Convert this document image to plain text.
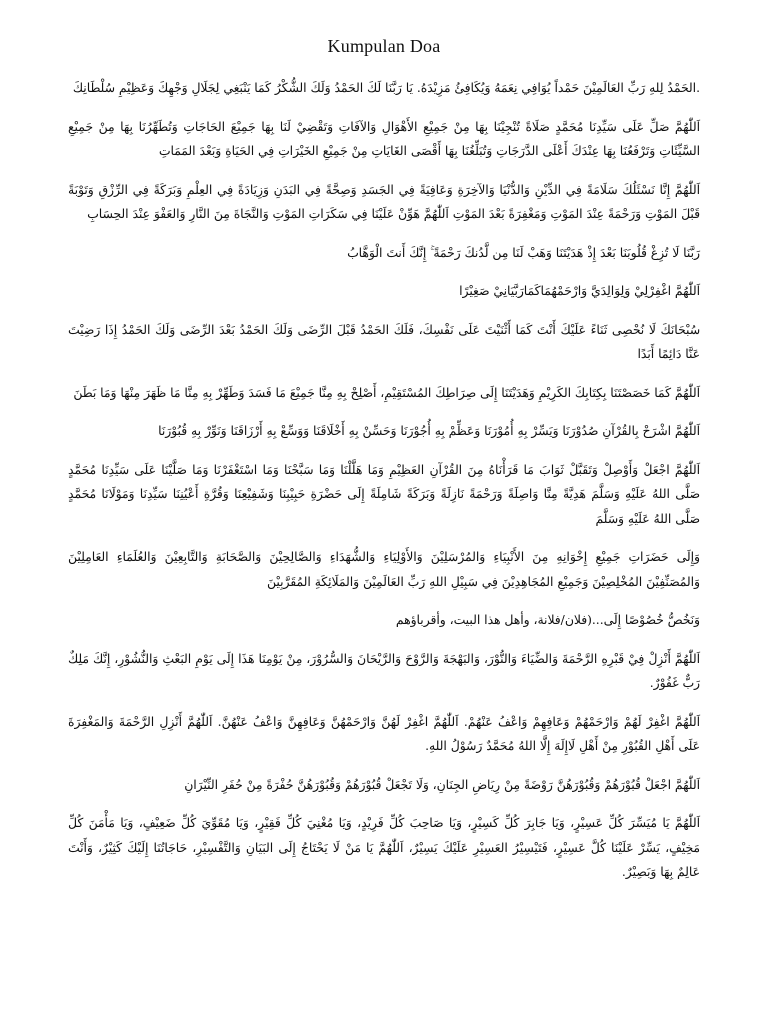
Kumpulan Doa

.الحَمْدُ لِلهِ رَبِّ العَالَمِيْنَ حَمْداً يُوَافِي نِعَمَهُ وَيُكَافِئُ مَزِيْدَهُ. يَا رَبَّنَا لَكَ الحَمْدُ وَلَكَ الشُّكْرُ كَمَا يَنْبَغِي لِجَلَالِ وَجْهِكَ وَعَظِيْمِ سُلْطَانِكَ

اَللّٰهُمَّ صَلِّ عَلَى سَيِّدِنَا مُحَمَّدٍ صَلَاةً تُنْجِيْنَا بِهَا مِنْ جَمِيْعِ الأَهْوَالِ وَالآفَاتِ وَتَقْضِيْ لَنَا بِهَا جَمِيْعَ الحَاجَاتِ وَتُطَهِّرُنَا بِهَا مِنْ جَمِيْعِ السَّيِّئَاتِ وَتَرْفَعُنَا بِهَا عِنْدَكَ أَعْلَى الدَّرَجَاتِ وَتُبَلِّغُنَا بِهَا أَقْصَى الغَايَاتِ مِنْ جَمِيْعِ الخَيْرَاتِ فِي الحَيَاةِ وَبَعْدَ المَمَاتِ

اَللّٰهُمَّ إِنَّا نَسْئَلُكَ سَلَامَةً فِي الدِّيْنِ وَالدُّنْيَا وَالآخِرَةِ وَعَافِيَةً فِي الجَسَدِ وَصِحَّةً فِي البَدَنِ وَزِيَادَةً فِي العِلْمِ وَبَرَكَةً فِي الرِّزْقِ وَتَوْبَةً قَبْلَ المَوْتِ وَرَحْمَةً عِنْدَ المَوْتِ وَمَغْفِرَةً بَعْدَ المَوْتِ اَللّٰهُمَّ هَوِّنْ عَلَيْنَا فِي سَكَرَاتِ المَوْتِ وَالنَّجَاةَ مِنَ النَّارِ وَالعَفْوَ عِنْدَ الحِسَابِ

رَبَّنَا لَا تُزِغْ قُلُوبَنَا بَعْدَ إِذْ هَدَيْتَنَا وَهَبْ لَنَا مِن لَّدُنكَ رَحْمَةً ۚ إِنَّكَ أَنتَ الْوَهَّابُ

اَللّٰهُمَّ اغْفِرْلِيْ وَلِوَالِدَيَّ وَارْحَمْهُمَاكَمَارَبَّيَانِيْ صَغِيْرًا

سُبْحَانَكَ لَا نُحْصِى ثَنَاءً عَلَيْكَ أَنْتَ كَمَا أَثْنَيْتَ عَلَى نَفْسِكَ، فَلَكَ الحَمْدُ قَبْلَ الرِّضَى وَلَكَ الحَمْدُ بَعْدَ الرِّضَى وَلَكَ الحَمْدُ إِذَا رَضِيْتَ عَنَّا دَائِمًا أَبَدًا

اَللّٰهُمَّ كَمَا خَصَصْتَنَا بِكِتَابِكَ الكَرِيْمِ وَهَدَيْتَنَا إِلَى صِرَاطِكَ المُسْتَقِيْمِ، أَصْلِحْ بِهِ مِنَّا جَمِيْعَ مَا فَسَدَ وَطَهِّرْ بِهِ مِنَّا مَا ظَهَرَ مِنْهَا وَمَا بَطَنَ

اَللّٰهُمَّ اشْرَحْ بِالقُرْآنِ صُدُوْرَنَا وَيَسِّرْ بِهِ أُمُوْرَنَا وَعَظِّمْ بِهِ أُجُوْرَنَا وَحَسِّنْ بِهِ أَخْلَاقَنَا وَوَسِّعْ بِهِ أَرْزَاقَنَا وَنَوِّرْ بِهِ قُبُوْرَنَا

اَللّٰهُمَّ اجْعَلْ وَأَوْصِلْ وَتَقَبَّلْ ثَوَابَ مَا قَرَأْنَاهُ مِنَ القُرْآنِ العَظِيْمِ وَمَا هَلَّلْنَا وَمَا سَبَّحْنَا وَمَا اسْتَغْفَرْنَا وَمَا صَلَّيْنَا عَلَى سَيِّدِنَا مُحَمَّدٍ صَلَّى اللهُ عَلَيْهِ وَسَلَّمَ هَدِيَّةً مِنَّا وَاصِلَةً وَرَحْمَةً نَازِلَةً وَبَرَكَةً شَامِلَةً إِلَى حَضْرَةِ حَبِيْبِنَا وَشَفِيْعِنَا وَقُرَّةِ أَعْيُنِنَا سَيِّدِنَا وَمَوْلَانَا مُحَمَّدٍ صَلَّى اللهُ عَلَيْهِ وَسَلَّمَ

وَإِلَى حَضَرَاتِ جَمِيْعِ إِخْوَانِهِ مِنَ الأَنْبِيَاءِ وَالمُرْسَلِيْنَ وَالأَوْلِيَاءِ وَالشُّهَدَاءِ وَالصَّالِحِيْنَ وَالصَّحَابَةِ وَالتَّابِعِيْنَ وَالعُلَمَاءِ العَامِلِيْنَ وَالمُصَنِّفِيْنَ المُخْلِصِيْنَ وَجَمِيْعِ المُجَاهِدِيْنَ فِي سَبِيْلِ اللهِ رَبِّ العَالَمِيْنَ وَالمَلَائِكَةِ المُقَرَّبِيْنَ

وَنَخُصُّ خُصُوْصًا إِلَى...(فلان/فلانة، وأهل هذا البيت، وأقرباؤهم

اَللّٰهُمَّ أَنْزِلْ فِيْ قَبْرِهِ الرَّحْمَةَ وَالضِّيَاءَ وَالنُّوْرَ، وَالبَهْجَةَ وَالرَّوْحَ وَالرَّيْحَانَ وَالسُّرُوْرَ، مِنْ يَوْمِنَا هَذَا إِلَى يَوْمِ البَعْثِ وَالنُّشُوْرِ، إِنَّكَ مَلِكٌ رَبٌّ غَفُوْرٌ.

اَللّٰهُمَّ اغْفِرْ لَهُمْ وَارْحَمْهُمْ وَعَافِهِمْ وَاعْفُ عَنْهُمْ. اَللّٰهُمَّ اغْفِرْ لَهُنَّ وَارْحَمْهُنَّ وَعَافِهِنَّ وَاعْفُ عَنْهُنَّ. اَللّٰهُمَّ أَنْزِلِ الرَّحْمَةَ وَالمَغْفِرَةَ عَلَى أَهْلِ القُبُوْرِ مِنْ أَهْلِ لَاإِلَهَ إِلَّا اللهُ مُحَمَّدٌ رَسُوْلُ اللهِ.

اَللّٰهُمَّ اجْعَلْ قُبُوْرَهُمْ وَقُبُوْرَهُنَّ رَوْضَةً مِنْ رِيَاضِ الجِنَانِ، وَلَا تَجْعَلْ قُبُوْرَهُمْ وَقُبُوْرَهُنَّ حُفْرَةً مِنْ حُفَرِ النِّيْرَانِ

اَللّٰهُمَّ يَا مُيَسِّرَ كُلِّ عَسِيْرٍ، وَيَا جَابِرَ كُلِّ كَسِيْرٍ، وَيَا صَاحِبَ كُلِّ فَرِيْدٍ، وَيَا مُغْنِيَ كُلِّ فَقِيْرٍ، وَيَا مُقَوِّيَ كُلِّ ضَعِيْفٍ، وَيَا مَأْمَنَ كُلِّ مَخِيْفٍ، يَسِّرْ عَلَيْنَا كُلَّ عَسِيْرٍ، فَتَيْسِيْرُ العَسِيْرِ عَلَيْكَ يَسِيْرٌ، اَللّٰهُمَّ يَا مَنْ لَا يَحْتَاجُ إِلَى البَيَانِ وَالتَّفْسِيْرِ، حَاجَاتُنَا إِلَيْكَ كَثِيْرٌ، وَأَنْتَ عَالِمٌ بِهَا وَبَصِيْرٌ.
